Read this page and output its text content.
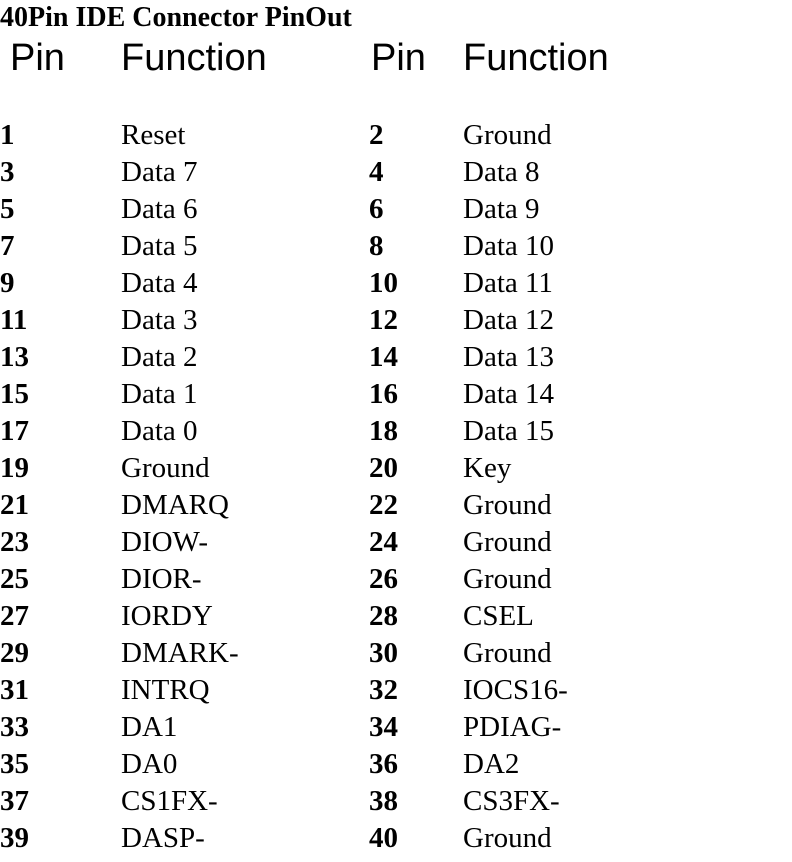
40Pin IDE Connector PinOut
Pin Function	Pin Function
1	Reset	2	Ground
3	Data 7	4	Data 8
5	Data 6	6	Data 9
7	Data 5	8	Data 10
9	Data 4	10 Data 11
11	Data 3	12 Data 12
13	Data 2	14 Data 13
15	Data 1	16 Data 14
17	Data 0	18 Data 15
19	Ground	20 Key
21	DMARQ	22 Ground
23	DIOW-	24 Ground
25	DIOR-	26 Ground
27	IORDY	28 CSEL
29	DMARK-	30 Ground
31	INTRQ	32 IOCS16-
33	DA1	34 PDIAG-
35	DA0	36 DA2
37	CS1FX-	38 CS3FX-
39	DASP-	40 Ground
